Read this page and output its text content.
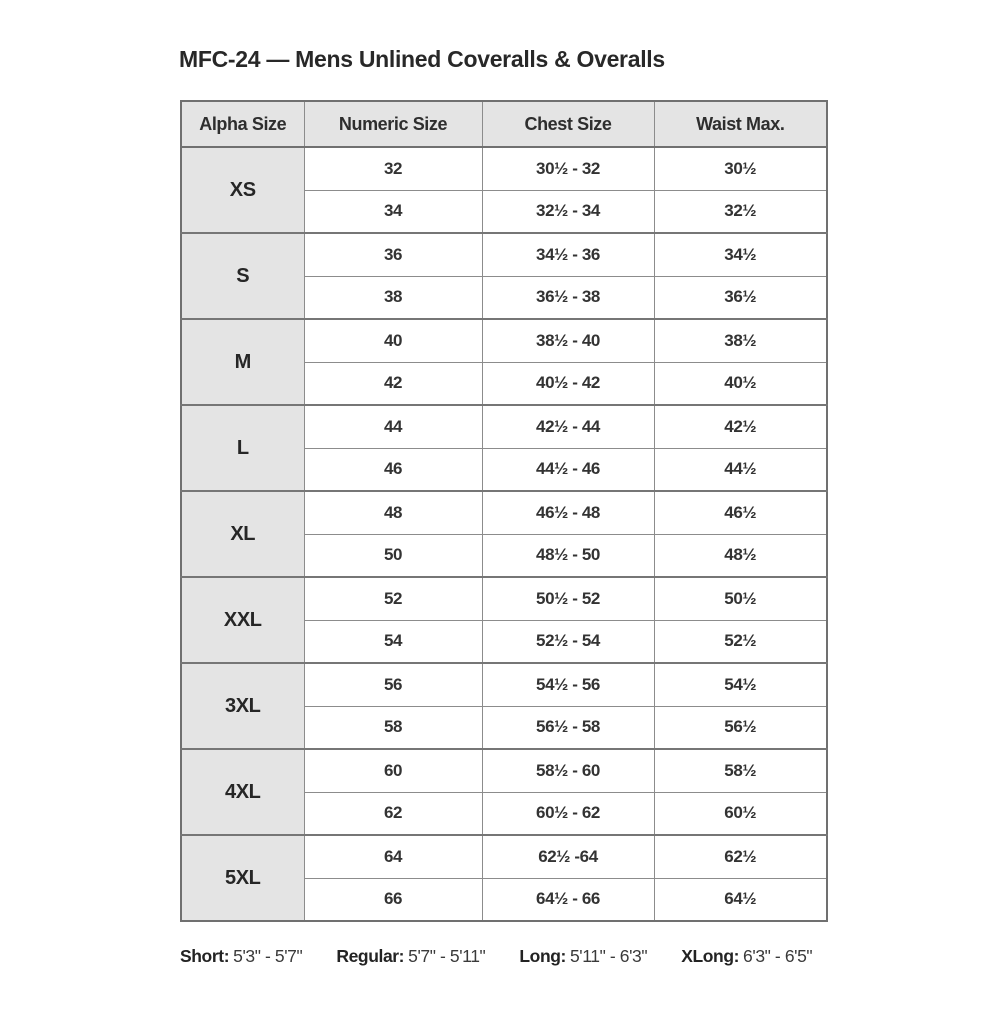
MFC-24 — Mens Unlined Coveralls & Overalls
Alpha Size	Numeric Size	Chest Size	Waist Max.
XS	32	30½ - 32	30½
	34	32½ - 34	32½
S	36	34½ - 36	34½
	38	36½ - 38	36½
M	40	38½ - 40	38½
	42	40½ - 42	40½
L	44	42½ - 44	42½
	46	44½ - 46	44½
XL	48	46½ - 48	46½
	50	48½ - 50	48½
XXL	52	50½ - 52	50½
	54	52½ - 54	52½
3XL	56	54½ - 56	54½
	58	56½ - 58	56½
4XL	60	58½ - 60	58½
	62	60½ - 62	60½
5XL	64	62½ -64	62½
	66	64½ - 66	64½
Short: 5'3" - 5'7" Regular: 5'7" - 5'11" Long: 5'11" - 6'3" XLong: 6'3" - 6'5"
